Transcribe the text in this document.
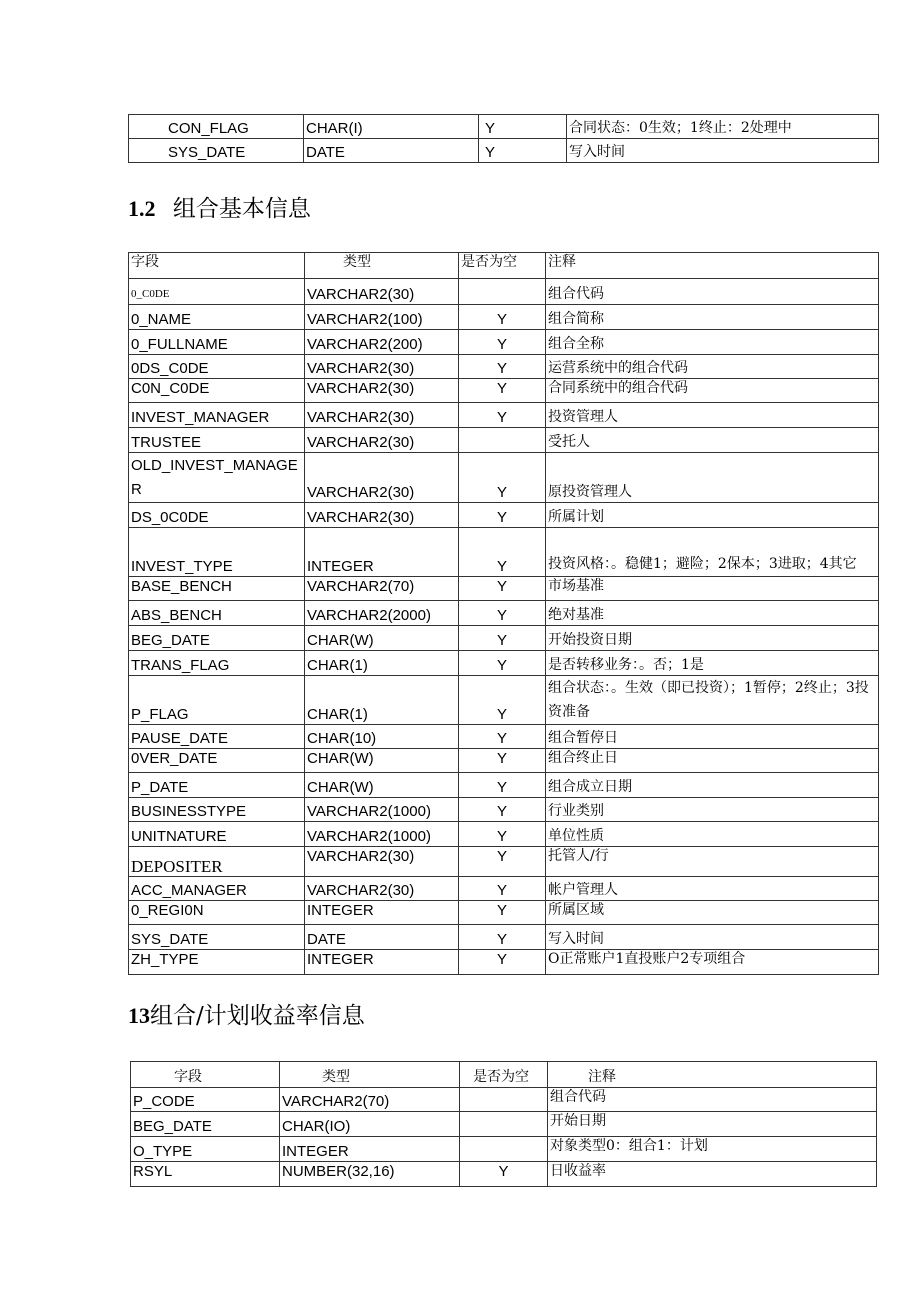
CON_FLAG	CHAR(I)	Y	合同状态：0生效；1终止：2处理中
SYS_DATE	DATE	Y	写入时间
1.2 组合基本信息
字段	类型	是否为空	注释
0_C0DE	VARCHAR2(30)		组合代码
0_NAME	VARCHAR2(100)	Y	组合简称
0_FULLNAME	VARCHAR2(200)	Y	组合全称
0DS_C0DE	VARCHAR2(30)	Y	运营系统中的组合代码
C0N_C0DE	VARCHAR2(30)	Y	合同系统中的组合代码
INVEST_MANAGER	VARCHAR2(30)	Y	投资管理人
TRUSTEE	VARCHAR2(30)		受托人
OLD_INVEST_MANAGE R	VARCHAR2(30)	Y	原投资管理人
DS_0C0DE	VARCHAR2(30)	Y	所属计划
INVEST_TYPE	INTEGER	Y	投资风格：。稳健1；避险；2保本；3进取；4其它
BASE_BENCH	VARCHAR2(70)	Y	市场基准
ABS_BENCH	VARCHAR2(2000)	Y	绝对基准
BEG_DATE	CHAR(W)	Y	开始投资日期
TRANS_FLAG	CHAR(1)	Y	是否转移业务：。否；1是
P_FLAG	CHAR(1)	Y	组合状态：。生效（即已投资）；1暂停；2终止；3投资准备
PAUSE_DATE	CHAR(10)	Y	组合暂停日
0VER_DATE	CHAR(W)	Y	组合终止日
P_DATE	CHAR(W)	Y	组合成立日期
BUSINESSTYPE	VARCHAR2(1000)	Y	行业类别
UNITNATURE	VARCHAR2(1000)	Y	单位性质
DEPOSITER	VARCHAR2(30)	Y	托管人/行
ACC_MANAGER	VARCHAR2(30)	Y	帐户管理人
0_REGI0N	INTEGER	Y	所属区域
SYS_DATE	DATE	Y	写入时间
ZH_TYPE	INTEGER	Y	O正常账户1直投账户2专项组合
13组合/计划收益率信息
字段	类型	是否为空	注释
P_CODE	VARCHAR2(70)		组合代码
BEG_DATE	CHAR(IO)		开始日期
O_TYPE	INTEGER		对象类型0：组合1：计划
RSYL	NUMBER(32,16)	Y	日收益率
